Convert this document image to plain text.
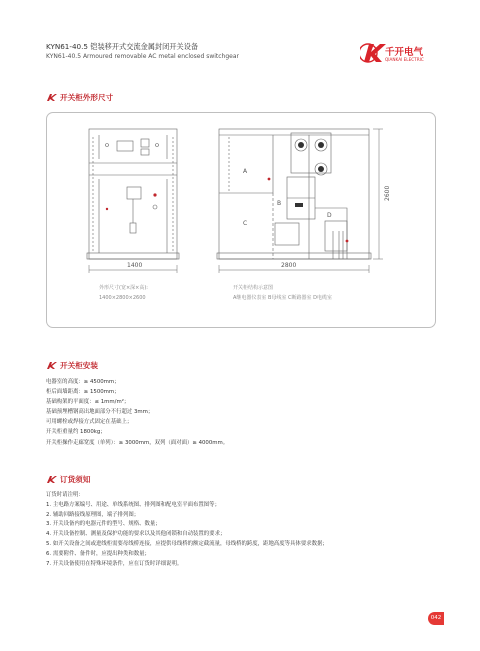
KYN61-40.5 铠装移开式交流金属封闭开关设备
KYN61-40.5 Armoured removable AC metal enclosed switchgear	千开电气
QIANKAI ELECTRIC
开关柜外形尺寸
1400	2800
2600
A
B
C
D
外形尺寸(宽×深×高):
1400×2800×2600
开关柜结构示意图
A继电器仪表室 B母线室 C断路器室 D电缆室
开关柜安装
电器室的高度：≥ 4500mm；
柜后面墙距离：≥ 1500mm；
基础构架的平面度：≤ 1mm/m²；
基础预埋槽钢高出地面部分不行超过 3mm；
可用螺栓或焊接方式固定在基础上；
开关柜重量约 1800kg；
开关柜操作走廊宽度（单列）：≥ 3000mm，双列（面对面）≥ 4000mm。
订货须知
订货时请注明：
1. 主电路方案编号、用途、单线系统图、排列图和配电室平面布置图等；
2. 辅助回路接线原理图，端子排列图；
3. 开关设备内的电器元件的型号、规格、数量；
4. 开关设备控制、测量及保护功能的要求以及其他闭锁和自动装置的要求；
5. 如开关设备之间或进线柜需要母线桥连接，应提供母线桥的额定截流量，母线桥的跨度，距地高度等具体要求数据；
6. 需要附件、备件时，应提出种类和数量；
7. 开关设备使用在特殊环境条件，应在订货时详细说明。
042
